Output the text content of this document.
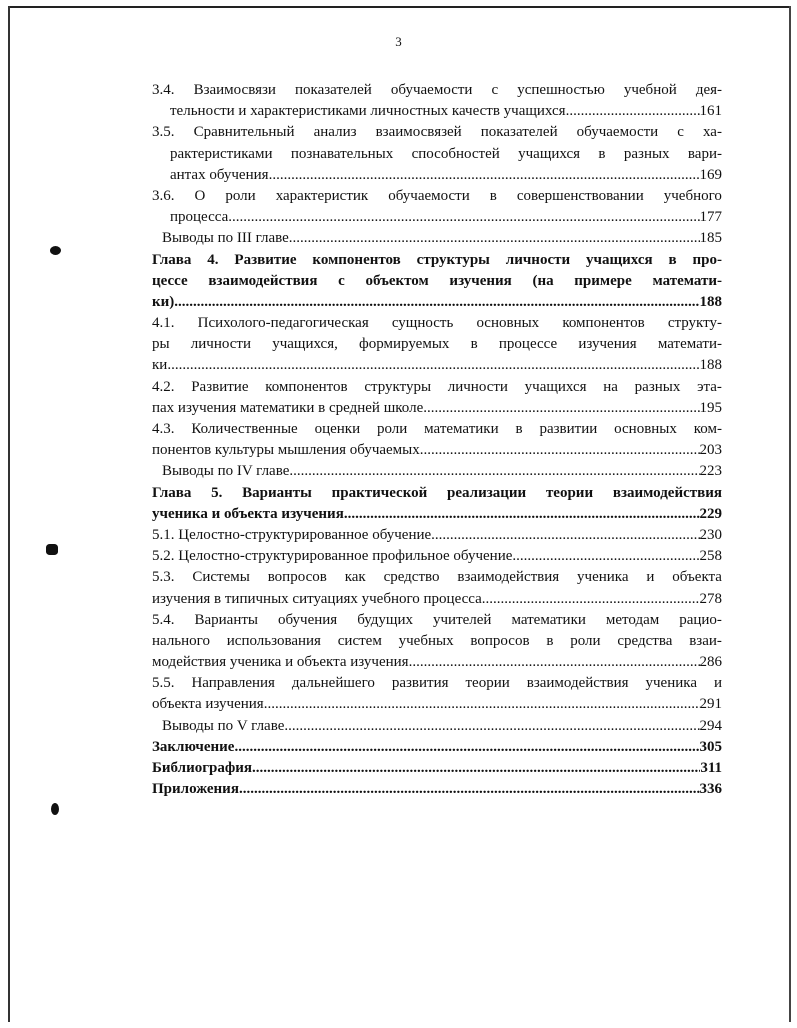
3
3.4. Взаимосвязи показателей обучаемости с успешностью учебной дея-
тельности и характеристиками личностных качеств учащихся .....	161
3.5. Сравнительный анализ взаимосвязей показателей обучаемости с ха-
рактеристиками познавательных способностей учащихся в разных вари-
антах обучения .....	169
3.6. О роли характеристик обучаемости в совершенствовании учебного
процесса .....	177
Выводы по III главе .....	185
Глава 4. Развитие компонентов структуры личности учащихся в про-
цессе взаимодействия с объектом изучения (на примере математи-
ки) .....	188
4.1. Психолого-педагогическая сущность основных компонентов структу-
ры личности учащихся, формируемых в процессе изучения математи-
ки .....	188
4.2. Развитие компонентов структуры личности учащихся на разных эта-
пах изучения математики в средней школе .....	195
4.3. Количественные оценки роли математики в развитии основных ком-
понентов культуры мышления обучаемых .....	203
Выводы по IV главе .....	223
Глава 5. Варианты практической реализации теории взаимодействия
ученика и объекта изучения .....	229
5.1. Целостно-структурированное обучение .....	230
5.2. Целостно-структурированное профильное обучение .....	258
5.3. Системы вопросов как средство взаимодействия ученика и объекта
изучения в типичных ситуациях учебного процесса .....	278
5.4. Варианты обучения будущих учителей математики методам рацио-
нального использования систем учебных вопросов в роли средства взаи-
модействия ученика и объекта изучения .....	286
5.5. Направления дальнейшего развития теории взаимодействия ученика и
объекта изучения .....	291
Выводы по V главе .....	294
Заключение .....	305
Библиография .....	311
Приложения .....	336
